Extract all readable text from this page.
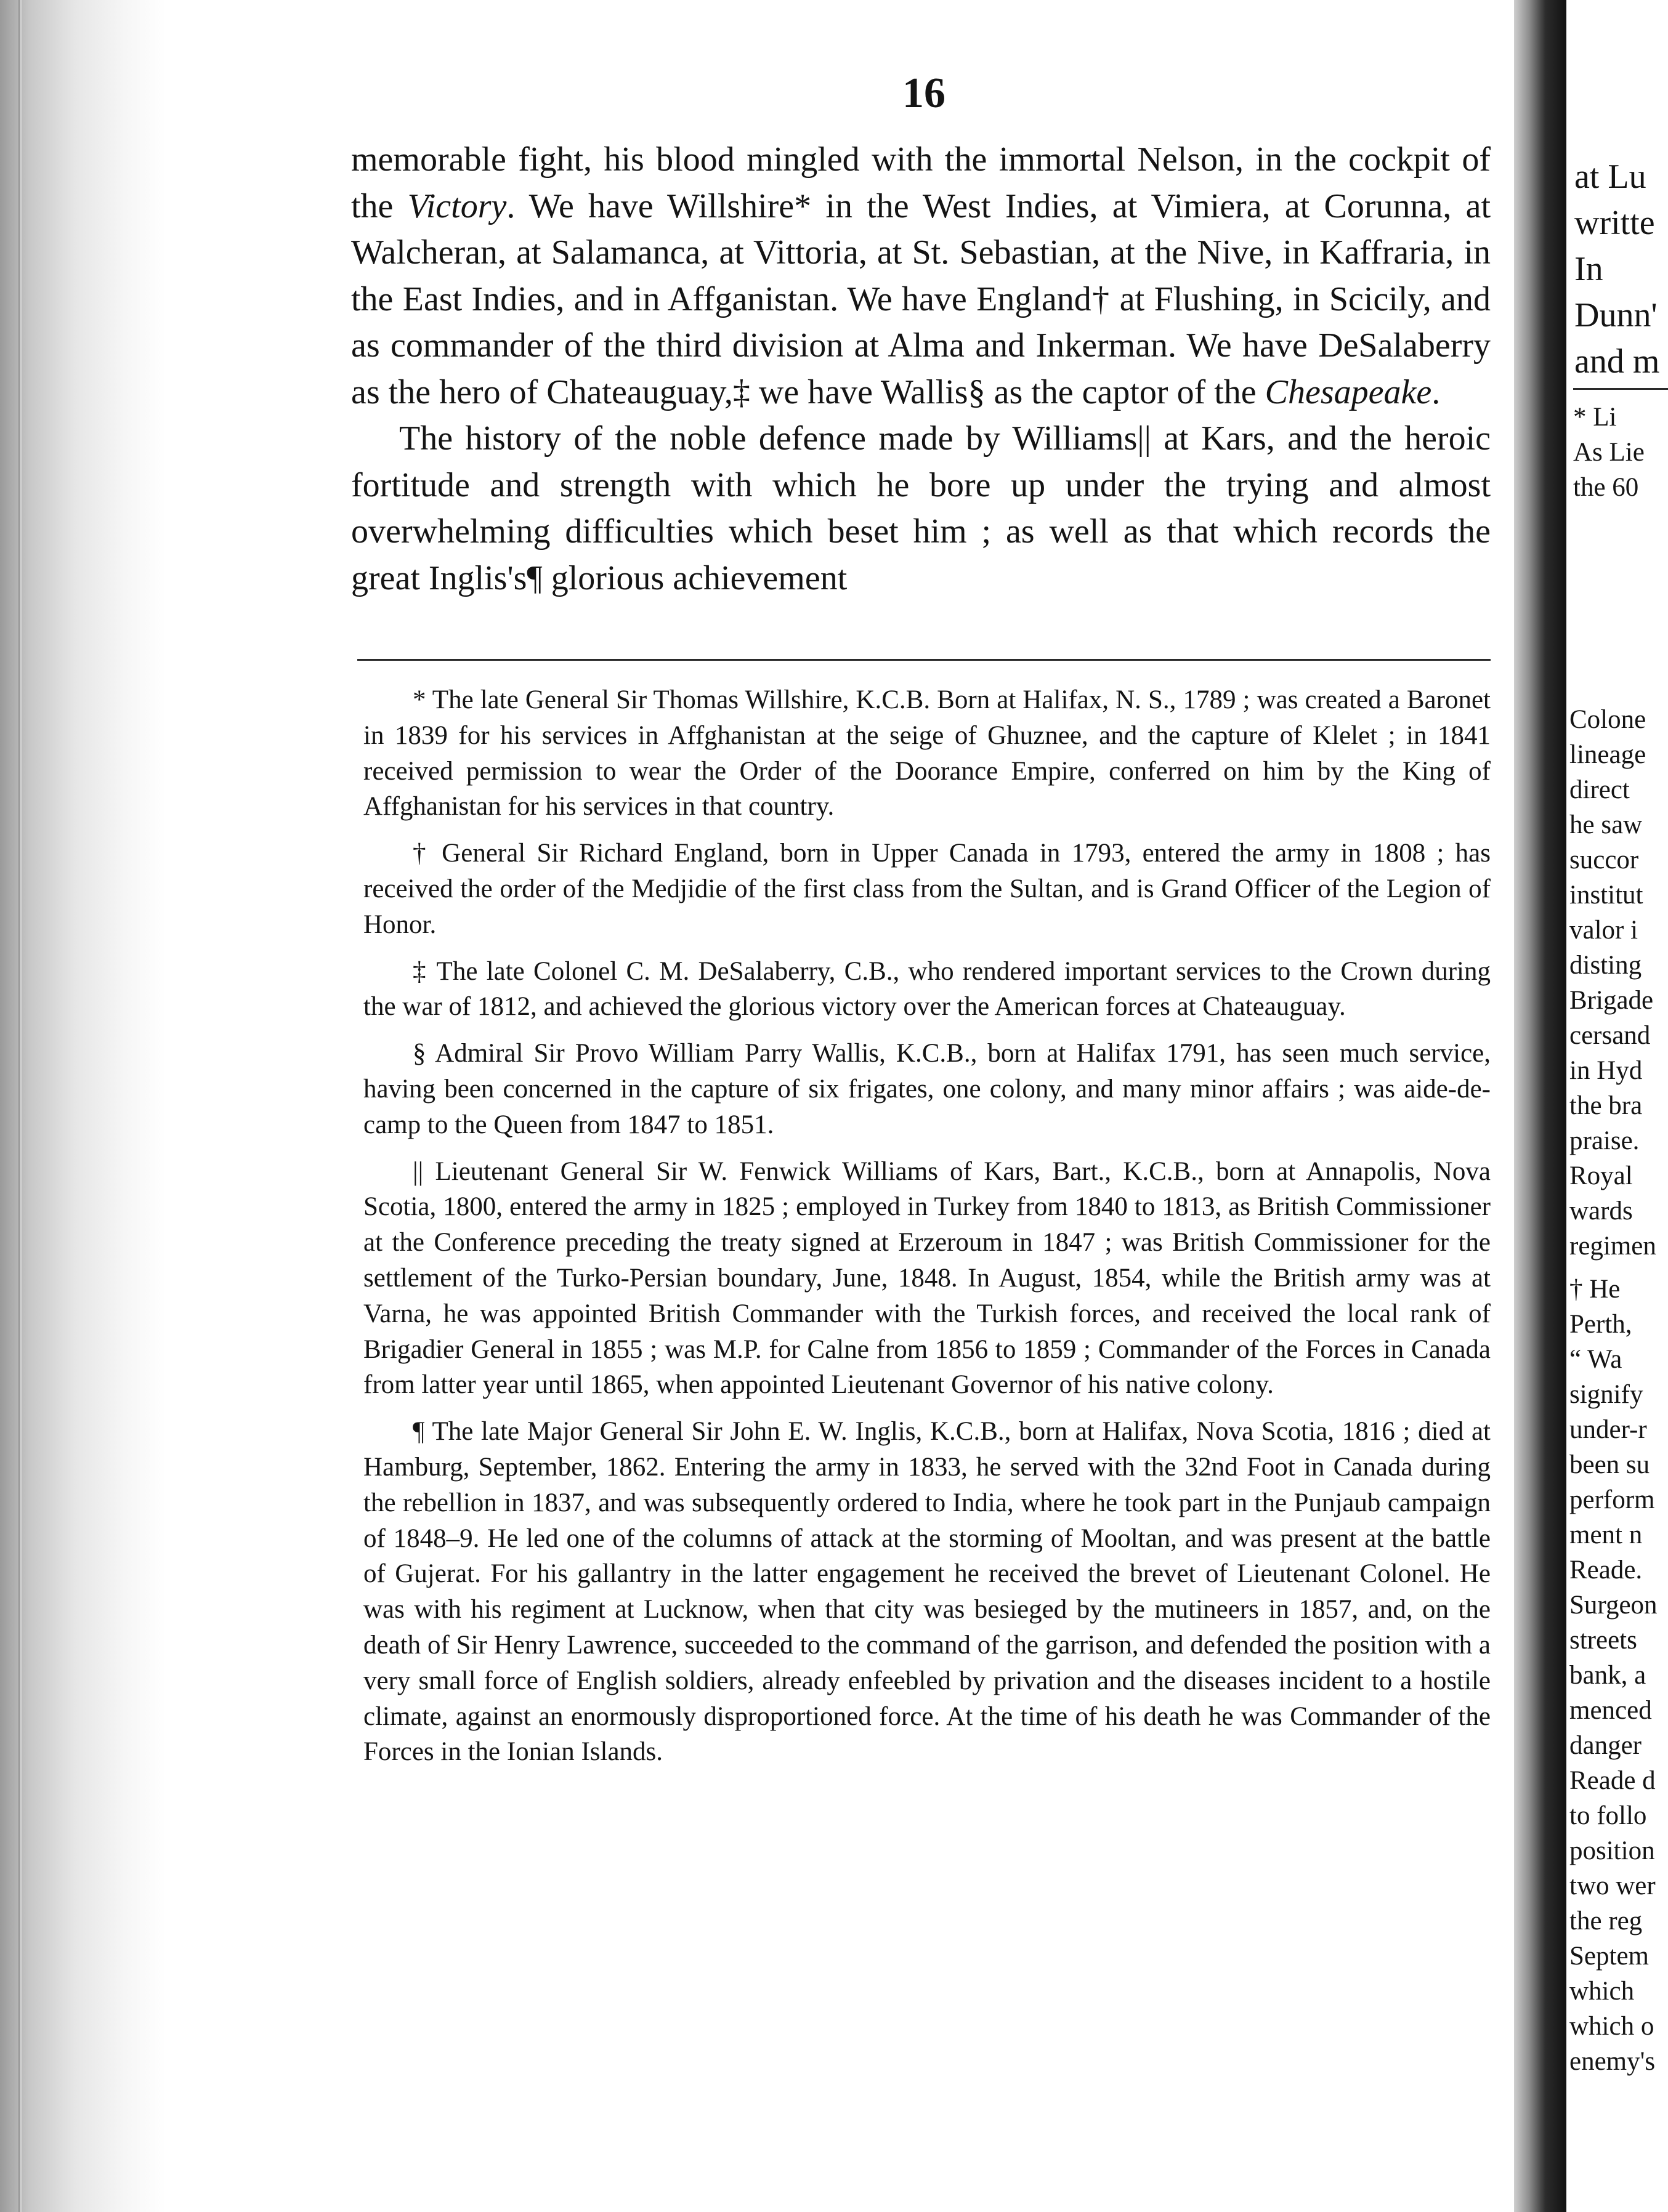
16

memorable fight, his blood mingled with the immortal Nelson, in the cockpit of the Victory. We have Willshire* in the West Indies, at Vimiera, at Corunna, at Walcheran, at Salamanca, at Vittoria, at St. Sebastian, at the Nive, in Kaffraria, in the East Indies, and in Affganistan. We have England† at Flushing, in Scicily, and as commander of the third division at Alma and Inkerman. We have DeSalaberry as the hero of Chateauguay,‡ we have Wallis§ as the captor of the Chesapeake.

The history of the noble defence made by Williams|| at Kars, and the heroic fortitude and strength with which he bore up under the trying and almost overwhelming difficulties which beset him ; as well as that which records the great Inglis's¶ glorious achievement

* The late General Sir Thomas Willshire, K.C.B. Born at Halifax, N. S., 1789 ; was created a Baronet in 1839 for his services in Affghanistan at the seige of Ghuznee, and the capture of Klelet ; in 1841 received permission to wear the Order of the Doorance Empire, conferred on him by the King of Affghanistan for his services in that country.

† General Sir Richard England, born in Upper Canada in 1793, entered the army in 1808 ; has received the order of the Medjidie of the first class from the Sultan, and is Grand Officer of the Legion of Honor.

‡ The late Colonel C. M. DeSalaberry, C.B., who rendered important services to the Crown during the war of 1812, and achieved the glorious victory over the American forces at Chateauguay.

§ Admiral Sir Provo William Parry Wallis, K.C.B., born at Halifax 1791, has seen much service, having been concerned in the capture of six frigates, one colony, and many minor affairs ; was aide-de-camp to the Queen from 1847 to 1851.

|| Lieutenant General Sir W. Fenwick Williams of Kars, Bart., K.C.B., born at Annapolis, Nova Scotia, 1800, entered the army in 1825 ; employed in Turkey from 1840 to 1813, as British Commissioner at the Conference preceding the treaty signed at Erzeroum in 1847 ; was British Commissioner for the settlement of the Turko-Persian boundary, June, 1848. In August, 1854, while the British army was at Varna, he was appointed British Commander with the Turkish forces, and received the local rank of Brigadier General in 1855 ; was M.P. for Calne from 1856 to 1859 ; Commander of the Forces in Canada from latter year until 1865, when appointed Lieutenant Governor of his native colony.

¶ The late Major General Sir John E. W. Inglis, K.C.B., born at Halifax, Nova Scotia, 1816 ; died at Hamburg, September, 1862. Entering the army in 1833, he served with the 32nd Foot in Canada during the rebellion in 1837, and was subsequently ordered to India, where he took part in the Punjaub campaign of 1848–9. He led one of the columns of attack at the storming of Mooltan, and was present at the battle of Gujerat. For his gallantry in the latter engagement he received the brevet of Lieutenant Colonel. He was with his regiment at Lucknow, when that city was besieged by the mutineers in 1857, and, on the death of Sir Henry Lawrence, succeeded to the command of the garrison, and defended the position with a very small force of English soldiers, already enfeebled by privation and the diseases incident to a hostile climate, against an enormously disproportioned force. At the time of his death he was Commander of the Forces in the Ionian Islands.

at Lu
writte
In
Dunn'
and m
* Li
As Lie
the 60
Colone
lineage
direct
he saw
succor
institut
valor i
disting
Brigade
cersand
in Hyd
the bra
praise.
Royal
wards
regimen
† He
Perth,
“ Wa
signify
under-r
been su
perform
ment n
Reade.
Surgeon
streets
bank, a
menced
danger
Reade d
to follo
position
two wer
the reg
Septem
which
which o
enemy's
